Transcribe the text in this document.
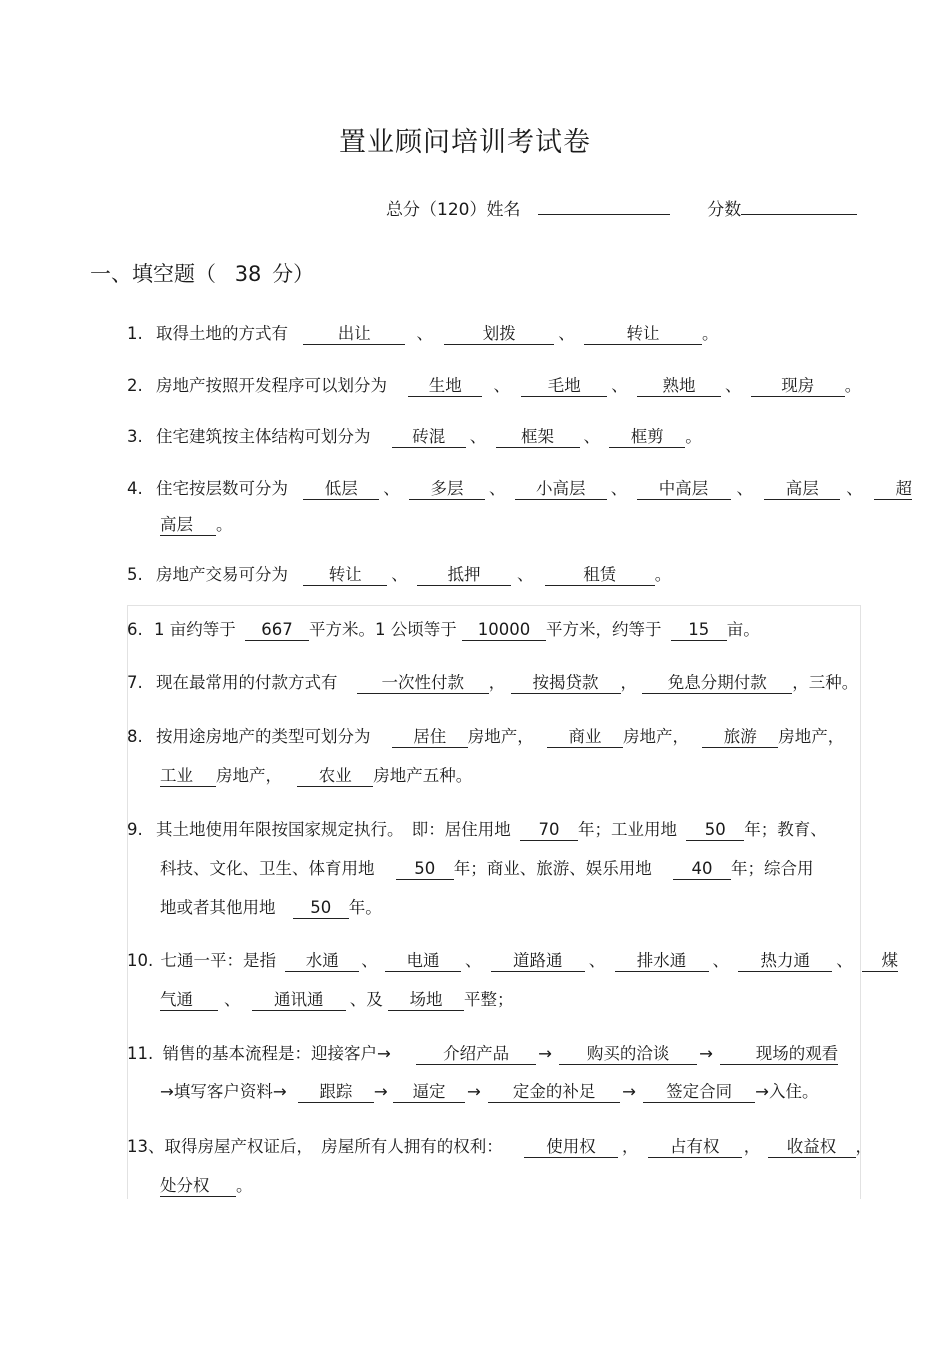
置业顾问培训考试卷
总分（120）姓名	分数
一、填空题（ 38 分）
1. 取得土地的方式有	出让	、	划拨	、	转让	。
2. 房地产按照开发程序可以划分为	生地 、 毛地 、 熟地 、 现房 。
3. 住宅建筑按主体结构可划分为	砖混 、 框架 、 框剪 。
4. 住宅按层数可分为 低层 、 多层 、 小高层 、 中高层 、 高层 、 超
高层 。
5. 房地产交易可分为 转让 、 抵押 、	租赁 。
6. 1 亩约等于 667 平方米。1 公顷等于 10000 平方米，约等于 15 亩。
7. 现在最常用的付款方式有	一次性付款 ， 按揭贷款 ， 免息分期付款 ，三种。
8. 按用途房地产的类型可划分为	居住 房地产， 商业 房地产， 旅游 房地产，
工业 房地产， 农业 房地产五种。
9. 其土地使用年限按国家规定执行。　即：居住用地 70 年；工业用地 50 年；教育、
科技、文化、卫生、体育用地 50 年；商业、旅游、娱乐用地 40 年；综合用
地或者其他用地 50 年。
10. 七通一平：是指 水通 、 电通 、 道路通 、 排水通 、 热力通 、 煤
气通 、 通讯通 、及 场地 平整；
11. 销售的基本流程是：迎接客户→	介绍产品 → 购买的洽谈 →	现场的观看
→填写客户资料→ 跟踪 → 逼定 → 定金的补足 → 签定合同 →入住。
13、取得房屋产权证后，　房屋所有人拥有的权利：	使用权 ， 占有权 ， 收益权 ，
处分权 。
